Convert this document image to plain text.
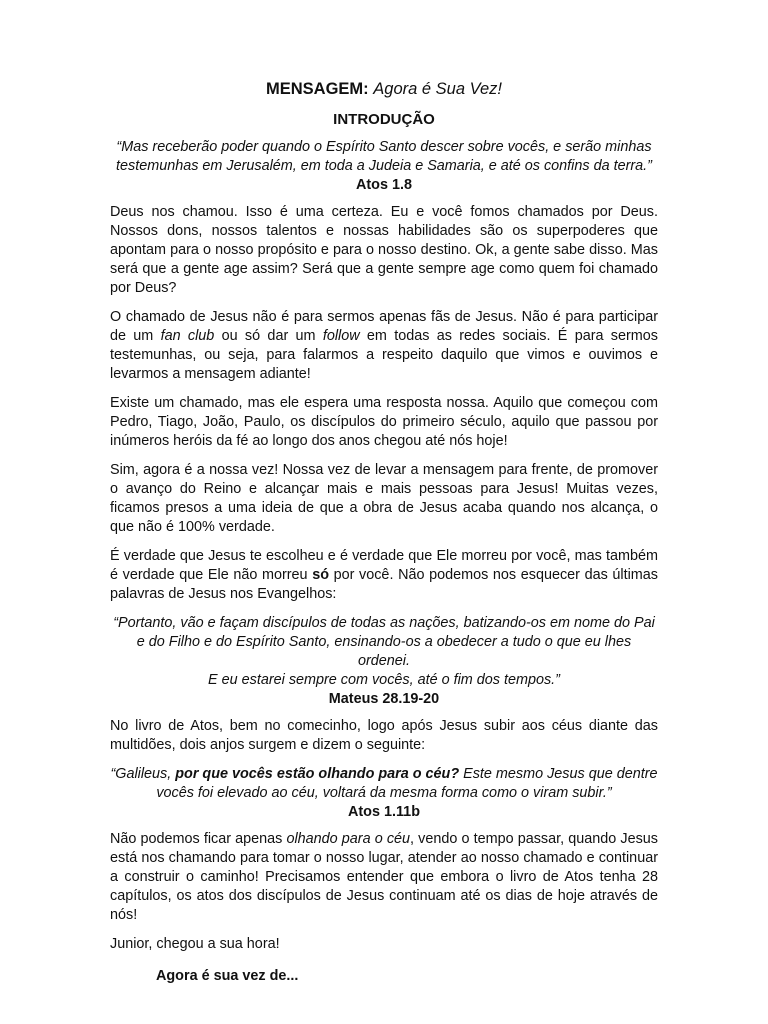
MENSAGEM: Agora é Sua Vez!
INTRODUÇÃO
“Mas receberão poder quando o Espírito Santo descer sobre vocês, e serão minhas testemunhas em Jerusalém, em toda a Judeia e Samaria, e até os confins da terra.” Atos 1.8

Deus nos chamou. Isso é uma certeza. Eu e você fomos chamados por Deus. Nossos dons, nossos talentos e nossas habilidades são os superpoderes que apontam para o nosso propósito e para o nosso destino. Ok, a gente sabe disso. Mas será que a gente age assim? Será que a gente sempre age como quem foi chamado por Deus?

O chamado de Jesus não é para sermos apenas fãs de Jesus. Não é para participar de um fan club ou só dar um follow em todas as redes sociais. É para sermos testemunhas, ou seja, para falarmos a respeito daquilo que vimos e ouvimos e levarmos a mensagem adiante!

Existe um chamado, mas ele espera uma resposta nossa. Aquilo que começou com Pedro, Tiago, João, Paulo, os discípulos do primeiro século, aquilo que passou por inúmeros heróis da fé ao longo dos anos chegou até nós hoje!

Sim, agora é a nossa vez! Nossa vez de levar a mensagem para frente, de promover o avanço do Reino e alcançar mais e mais pessoas para Jesus! Muitas vezes, ficamos presos a uma ideia de que a obra de Jesus acaba quando nos alcança, o que não é 100% verdade.

É verdade que Jesus te escolheu e é verdade que Ele morreu por você, mas também é verdade que Ele não morreu só por você. Não podemos nos esquecer das últimas palavras de Jesus nos Evangelhos:

“Portanto, vão e façam discípulos de todas as nações, batizando-os em nome do Pai e do Filho e do Espírito Santo, ensinando-os a obedecer a tudo o que eu lhes ordenei.
E eu estarei sempre com vocês, até o fim dos tempos.”
Mateus 28.19-20

No livro de Atos, bem no comecinho, logo após Jesus subir aos céus diante das multidões, dois anjos surgem e dizem o seguinte:

“Galileus, por que vocês estão olhando para o céu? Este mesmo Jesus que dentre vocês foi elevado ao céu, voltará da mesma forma como o viram subir.”
Atos 1.11b

Não podemos ficar apenas olhando para o céu, vendo o tempo passar, quando Jesus está nos chamando para tomar o nosso lugar, atender ao nosso chamado e continuar a construir o caminho! Precisamos entender que embora o livro de Atos tenha 28 capítulos, os atos dos discípulos de Jesus continuam até os dias de hoje através de nós!

Junior, chegou a sua hora!

Agora é sua vez de...
